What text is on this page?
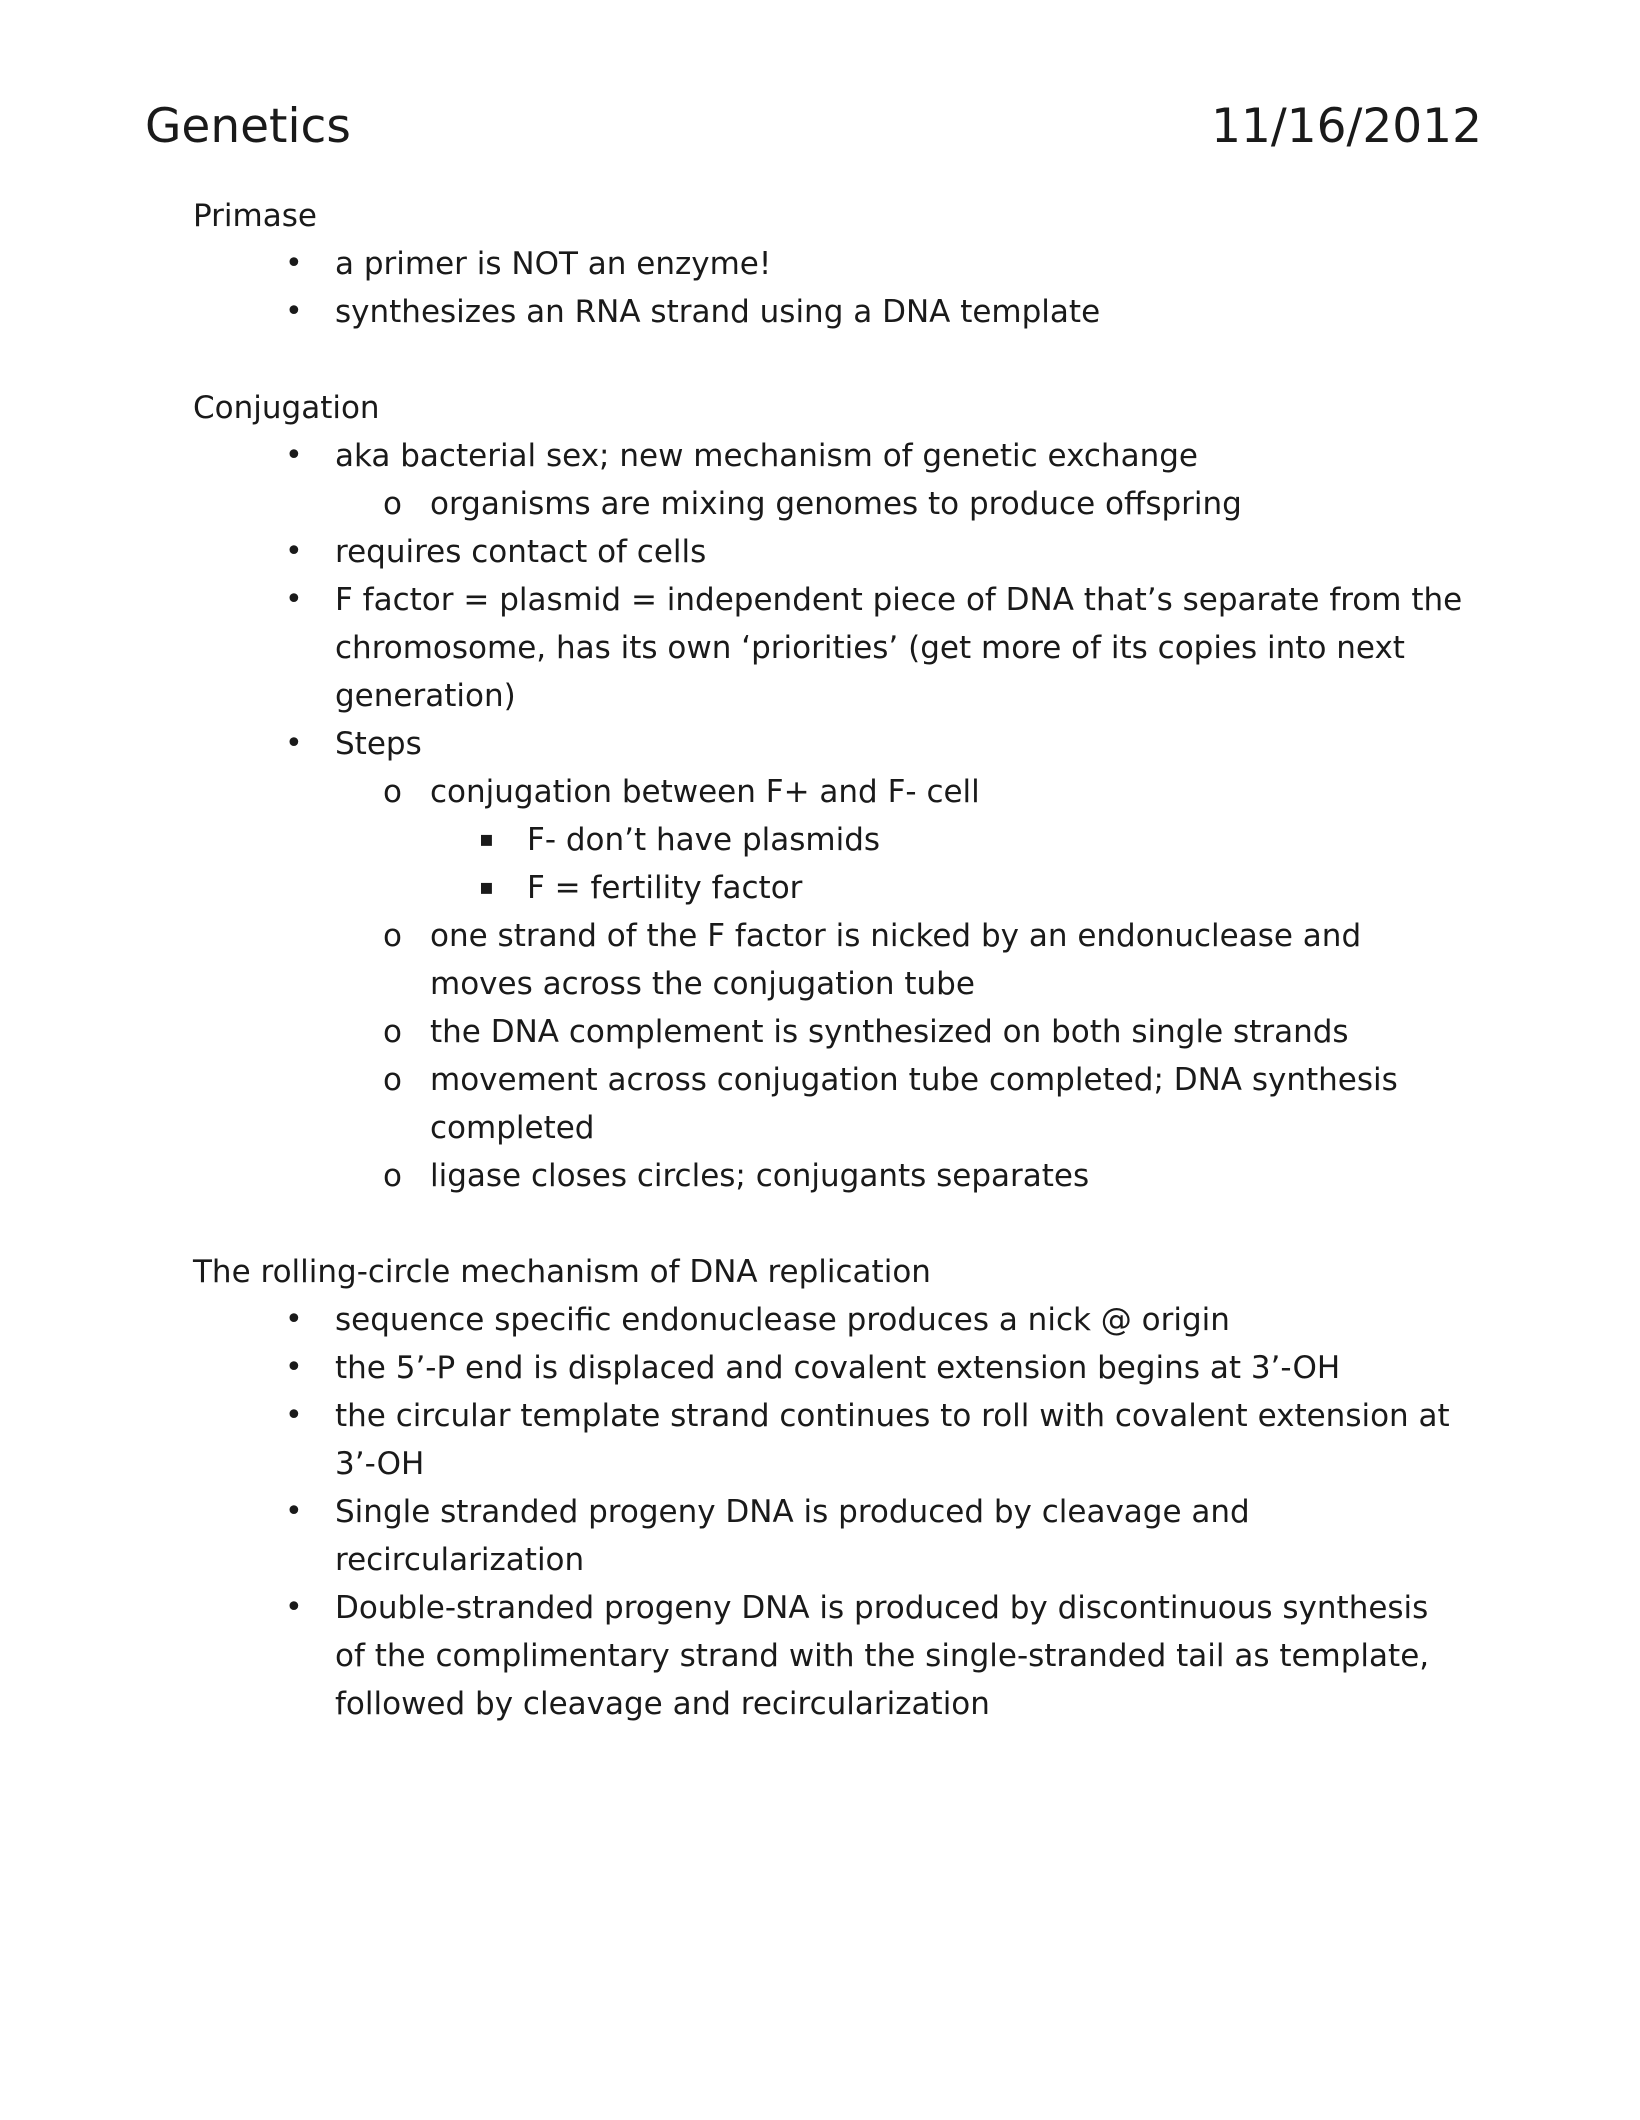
Genetics	11/16/2012
Primase
•	a primer is NOT an enzyme!
•	synthesizes an RNA strand using a DNA template
Conjugation
•	aka bacterial sex; new mechanism of genetic exchange
o organisms are mixing genomes to produce offspring
•	requires contact of cells
•	F factor = plasmid = independent piece of DNA that’s separate from the chromosome, has its own ‘priorities’ (get more of its copies into next generation)
•	Steps
o conjugation between F+ and F- cell
▪	F- don’t have plasmids
▪	F = fertility factor
o one strand of the F factor is nicked by an endonuclease and moves across the conjugation tube
o the DNA complement is synthesized on both single strands
o movement across conjugation tube completed; DNA synthesis completed
o ligase closes circles; conjugants separates
The rolling-circle mechanism of DNA replication
•	sequence specific endonuclease produces a nick @ origin
•	the 5’-P end is displaced and covalent extension begins at 3’-OH
•	the circular template strand continues to roll with covalent extension at 3’-OH
•	Single stranded progeny DNA is produced by cleavage and recircularization
•	Double-stranded progeny DNA is produced by discontinuous synthesis of the complimentary strand with the single-stranded tail as template, followed by cleavage and recircularization
